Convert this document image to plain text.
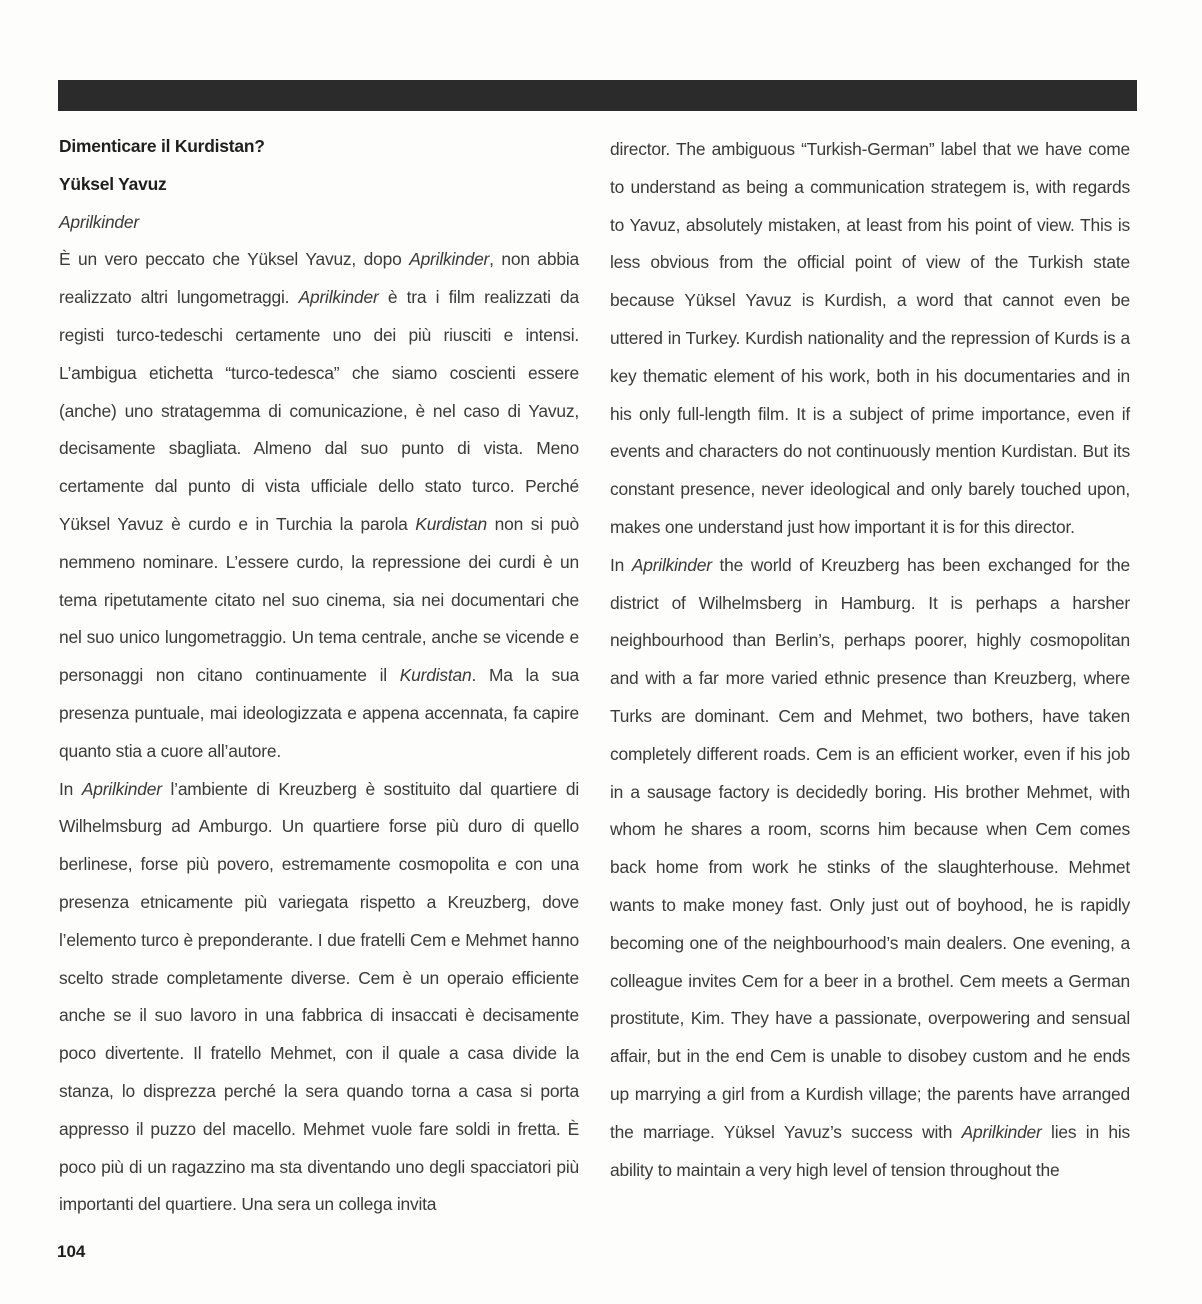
Dimenticare il Kurdistan?

Yüksel Yavuz

Aprilkinder

È un vero peccato che Yüksel Yavuz, dopo Aprilkinder, non abbia realizzato altri lungometraggi. Aprilkinder è tra i film realizzati da registi turco-tedeschi certamente uno dei più riusciti e intensi. L’ambigua etichetta “turco-tedesca” che siamo coscienti essere (anche) uno stratagemma di comunicazione, è nel caso di Yavuz, decisamente sbagliata. Almeno dal suo punto di vista. Meno certamente dal punto di vista ufficiale dello stato turco. Perché Yüksel Yavuz è curdo e in Turchia la parola Kurdistan non si può nemmeno nominare. L’essere curdo, la repressione dei curdi è un tema ripetutamente citato nel suo cinema, sia nei documentari che nel suo unico lungometraggio. Un tema centrale, anche se vicende e personaggi non citano continuamente il Kurdistan. Ma la sua presenza puntuale, mai ideologizzata e appena accennata, fa capire quanto stia a cuore all’autore.

In Aprilkinder l’ambiente di Kreuzberg è sostituito dal quartiere di Wilhelmsburg ad Amburgo. Un quartiere forse più duro di quello berlinese, forse più povero, estremamente cosmopolita e con una presenza etnicamente più variegata rispetto a Kreuzberg, dove l’elemento turco è preponderante. I due fratelli Cem e Mehmet hanno scelto strade completamente diverse. Cem è un operaio efficiente anche se il suo lavoro in una fabbrica di insaccati è decisamente poco divertente. Il fratello Mehmet, con il quale a casa divide la stanza, lo disprezza perché la sera quando torna a casa si porta appresso il puzzo del macello. Mehmet vuole fare soldi in fretta. È poco più di un ragazzino ma sta diventando uno degli spacciatori più importanti del quartiere. Una sera un collega invita

director. The ambiguous “Turkish-German” label that we have come to understand as being a communication strategem is, with regards to Yavuz, absolutely mistaken, at least from his point of view. This is less obvious from the official point of view of the Turkish state because Yüksel Yavuz is Kurdish, a word that cannot even be uttered in Turkey. Kurdish nationality and the repression of Kurds is a key thematic element of his work, both in his documentaries and in his only full-length film. It is a subject of prime importance, even if events and characters do not continuously mention Kurdistan. But its constant presence, never ideological and only barely touched upon, makes one understand just how important it is for this director.

In Aprilkinder the world of Kreuzberg has been exchanged for the district of Wilhelmsberg in Hamburg. It is perhaps a harsher neighbourhood than Berlin’s, perhaps poorer, highly cosmopolitan and with a far more varied ethnic presence than Kreuzberg, where Turks are dominant. Cem and Mehmet, two bothers, have taken completely different roads. Cem is an efficient worker, even if his job in a sausage factory is decidedly boring. His brother Mehmet, with whom he shares a room, scorns him because when Cem comes back home from work he stinks of the slaughterhouse. Mehmet wants to make money fast. Only just out of boyhood, he is rapidly becoming one of the neighbourhood’s main dealers. One evening, a colleague invites Cem for a beer in a brothel. Cem meets a German prostitute, Kim. They have a passionate, overpowering and sensual affair, but in the end Cem is unable to disobey custom and he ends up marrying a girl from a Kurdish village; the parents have arranged the marriage. Yüksel Yavuz’s success with Aprilkinder lies in his ability to maintain a very high level of tension throughout the

104
